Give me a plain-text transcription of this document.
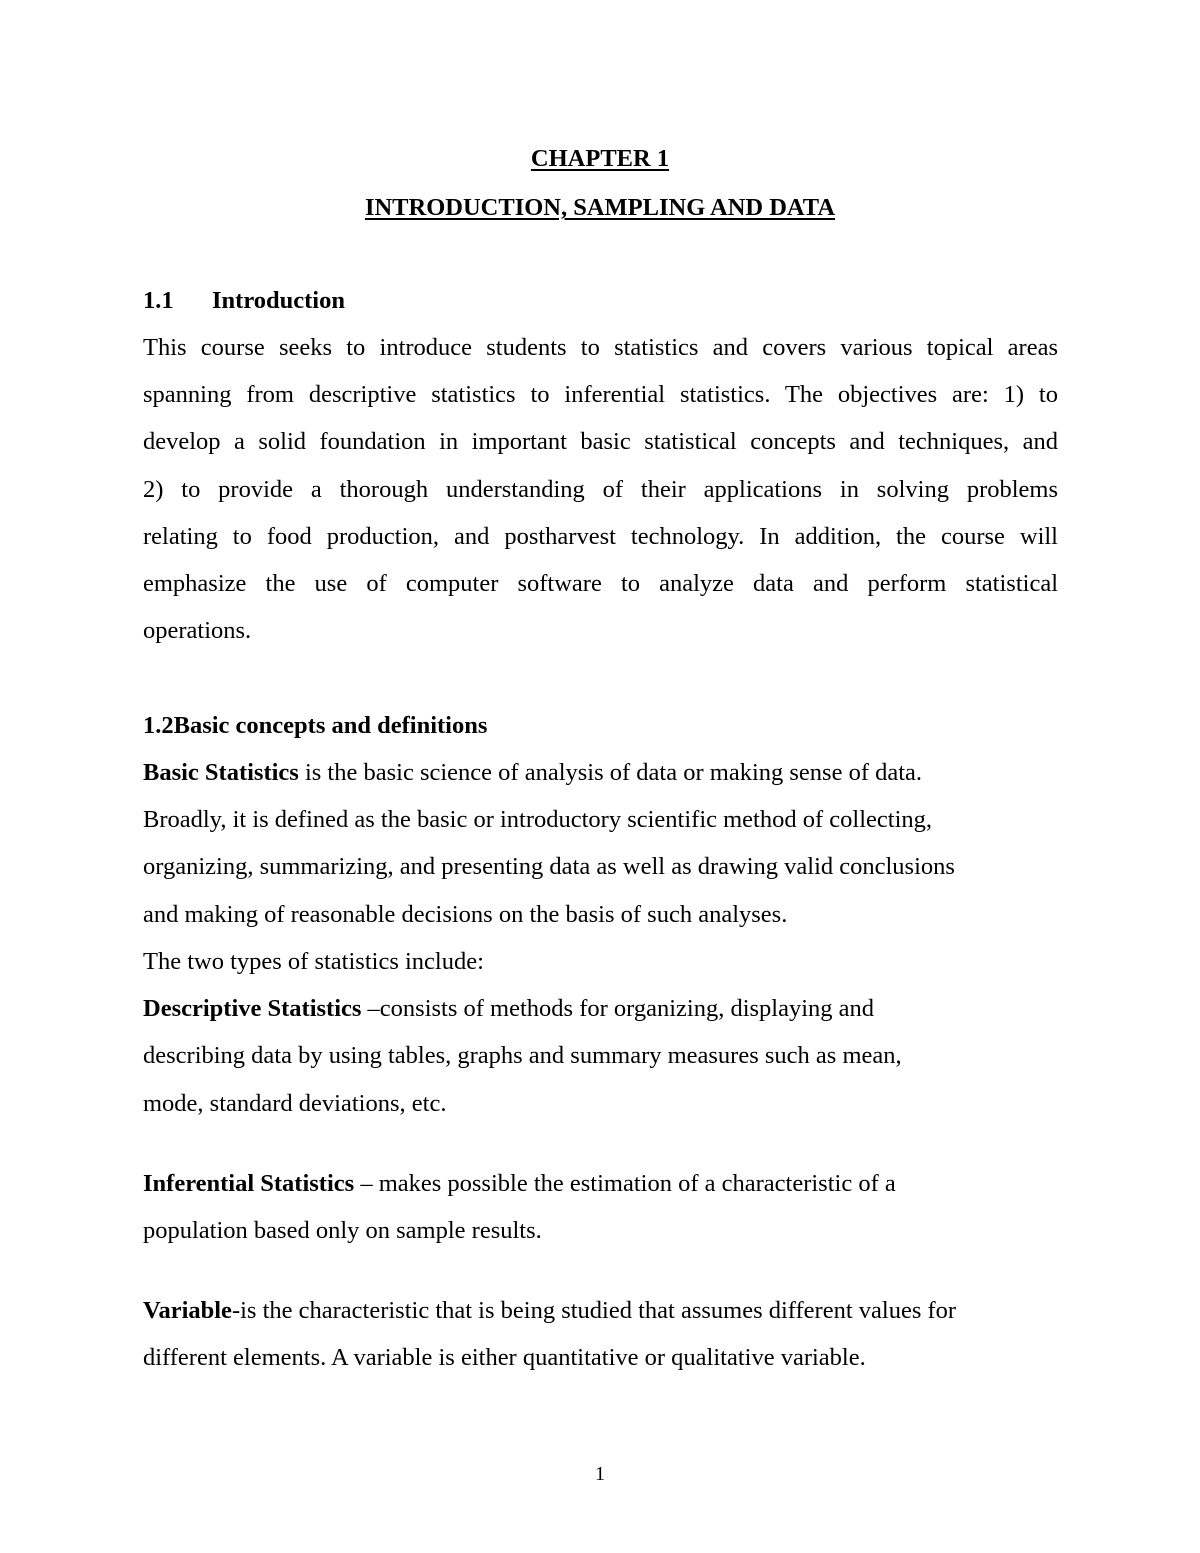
CHAPTER 1
INTRODUCTION, SAMPLING AND DATA
1.1 Introduction
This course seeks to introduce students to statistics and covers various topical areas
spanning from descriptive statistics to inferential statistics. The objectives are: 1) to
develop a solid foundation in important basic statistical concepts and techniques, and
2) to provide a thorough understanding of their applications in solving problems
relating to food production, and postharvest technology. In addition, the course will
emphasize the use of computer software to analyze data and perform statistical
operations.
1.2Basic concepts and definitions
Basic Statistics is the basic science of analysis of data or making sense of data.
Broadly, it is defined as the basic or introductory scientific method of collecting,
organizing, summarizing, and presenting data as well as drawing valid conclusions
and making of reasonable decisions on the basis of such analyses.
The two types of statistics include:
Descriptive Statistics –consists of methods for organizing, displaying and
describing data by using tables, graphs and summary measures such as mean,
mode, standard deviations, etc.
Inferential Statistics – makes possible the estimation of a characteristic of a
population based only on sample results.
Variable-is the characteristic that is being studied that assumes different values for
different elements. A variable is either quantitative or qualitative variable.
1
